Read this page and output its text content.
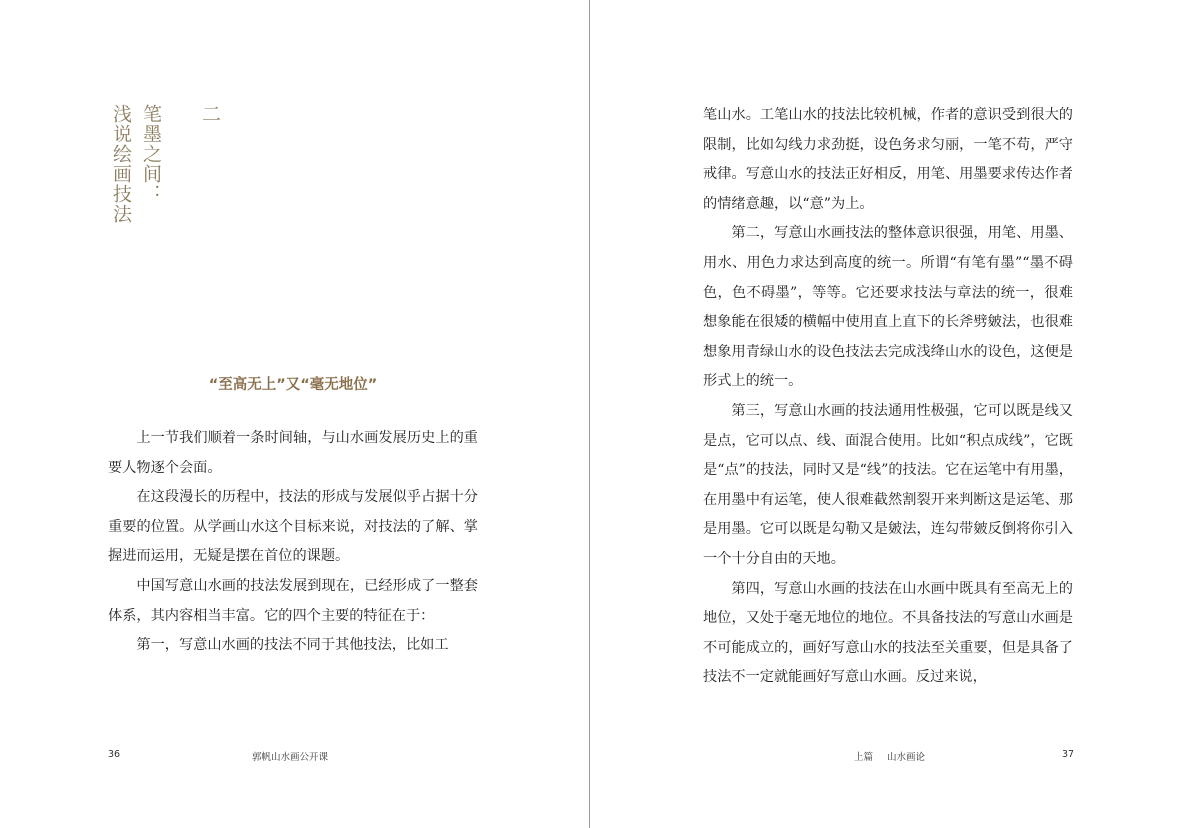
二
笔墨之间：
浅说绘画技法
“至高无上”又“毫无地位”

上一节我们顺着一条时间轴，与山水画发展历史上的重要人物逐个会面。

在这段漫长的历程中，技法的形成与发展似乎占据十分重要的位置。从学画山水这个目标来说，对技法的了解、掌握进而运用，无疑是摆在首位的课题。

中国写意山水画的技法发展到现在，已经形成了一整套体系，其内容相当丰富。它的四个主要的特征在于：

第一，写意山水画的技法不同于其他技法，比如工

36	郭帆山水画公开课

笔山水。工笔山水的技法比较机械，作者的意识受到很大的限制，比如勾线力求劲挺，设色务求匀丽，一笔不苟，严守戒律。写意山水的技法正好相反，用笔、用墨要求传达作者的情绪意趣，以“意”为上。

第二，写意山水画技法的整体意识很强，用笔、用墨、用水、用色力求达到高度的统一。所谓“有笔有墨”“墨不碍色，色不碍墨”，等等。它还要求技法与章法的统一，很难想象能在很矮的横幅中使用直上直下的长斧劈皴法，也很难想象用青绿山水的设色技法去完成浅绛山水的设色，这便是形式上的统一。

第三，写意山水画的技法通用性极强，它可以既是线又是点，它可以点、线、面混合使用。比如“积点成线”，它既是“点”的技法，同时又是“线”的技法。它在运笔中有用墨，在用墨中有运笔，使人很难截然割裂开来判断这是运笔、那是用墨。它可以既是勾勒又是皴法，连勾带皴反倒将你引入一个十分自由的天地。

第四，写意山水画的技法在山水画中既具有至高无上的地位，又处于毫无地位的地位。不具备技法的写意山水画是不可能成立的，画好写意山水的技法至关重要，但是具备了技法不一定就能画好写意山水画。反过来说，

上篇 山水画论	37
